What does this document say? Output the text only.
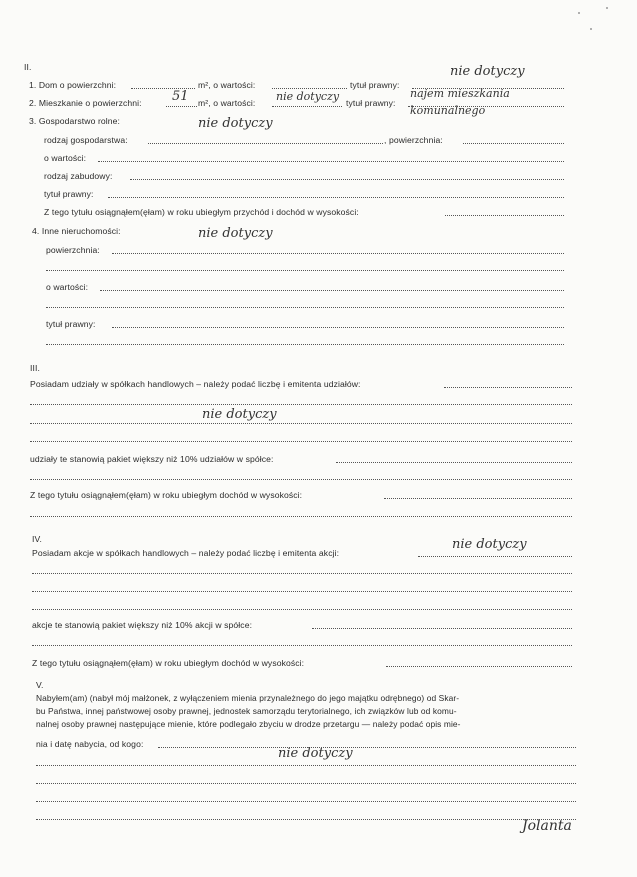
II.
1. Dom o powierzchni:	m², o wartości:	tytuł prawny:
nie dotyczy
2. Mieszkanie o powierzchni: 51 m², o wartości: nie dotyczy tytuł prawny:
najem mieszkania komunalnego
3. Gospodarstwo rolne:	nie dotyczy
rodzaj gospodarstwa:	, powierzchnia:
o wartości:
rodzaj zabudowy:
tytuł prawny:
Z tego tytułu osiągnąłem(ęłam) w roku ubiegłym przychód i dochód w wysokości:
4. Inne nieruchomości:	nie dotyczy
powierzchnia:
o wartości:
tytuł prawny:
III.
Posiadam udziały w spółkach handlowych – należy podać liczbę i emitenta udziałów:
nie dotyczy
udziały te stanowią pakiet większy niż 10% udziałów w spółce:
Z tego tytułu osiągnąłem(ęłam) w roku ubiegłym dochód w wysokości:
IV.
Posiadam akcje w spółkach handlowych – należy podać liczbę i emitenta akcji:
nie dotyczy
akcje te stanowią pakiet większy niż 10% akcji w spółce:
Z tego tytułu osiągnąłem(ęłam) w roku ubiegłym dochód w wysokości:
V.
Nabyłem(am) (nabył mój małżonek, z wyłączeniem mienia przynależnego do jego majątku odrębnego) od Skar-
bu Państwa, innej państwowej osoby prawnej, jednostek samorządu terytorialnego, ich związków lub od komu-
nalnej osoby prawnej następujące mienie, które podlegało zbyciu w drodze przetargu — należy podać opis mie-
nia i datę nabycia, od kogo:
nie dotyczy
Jolanta
